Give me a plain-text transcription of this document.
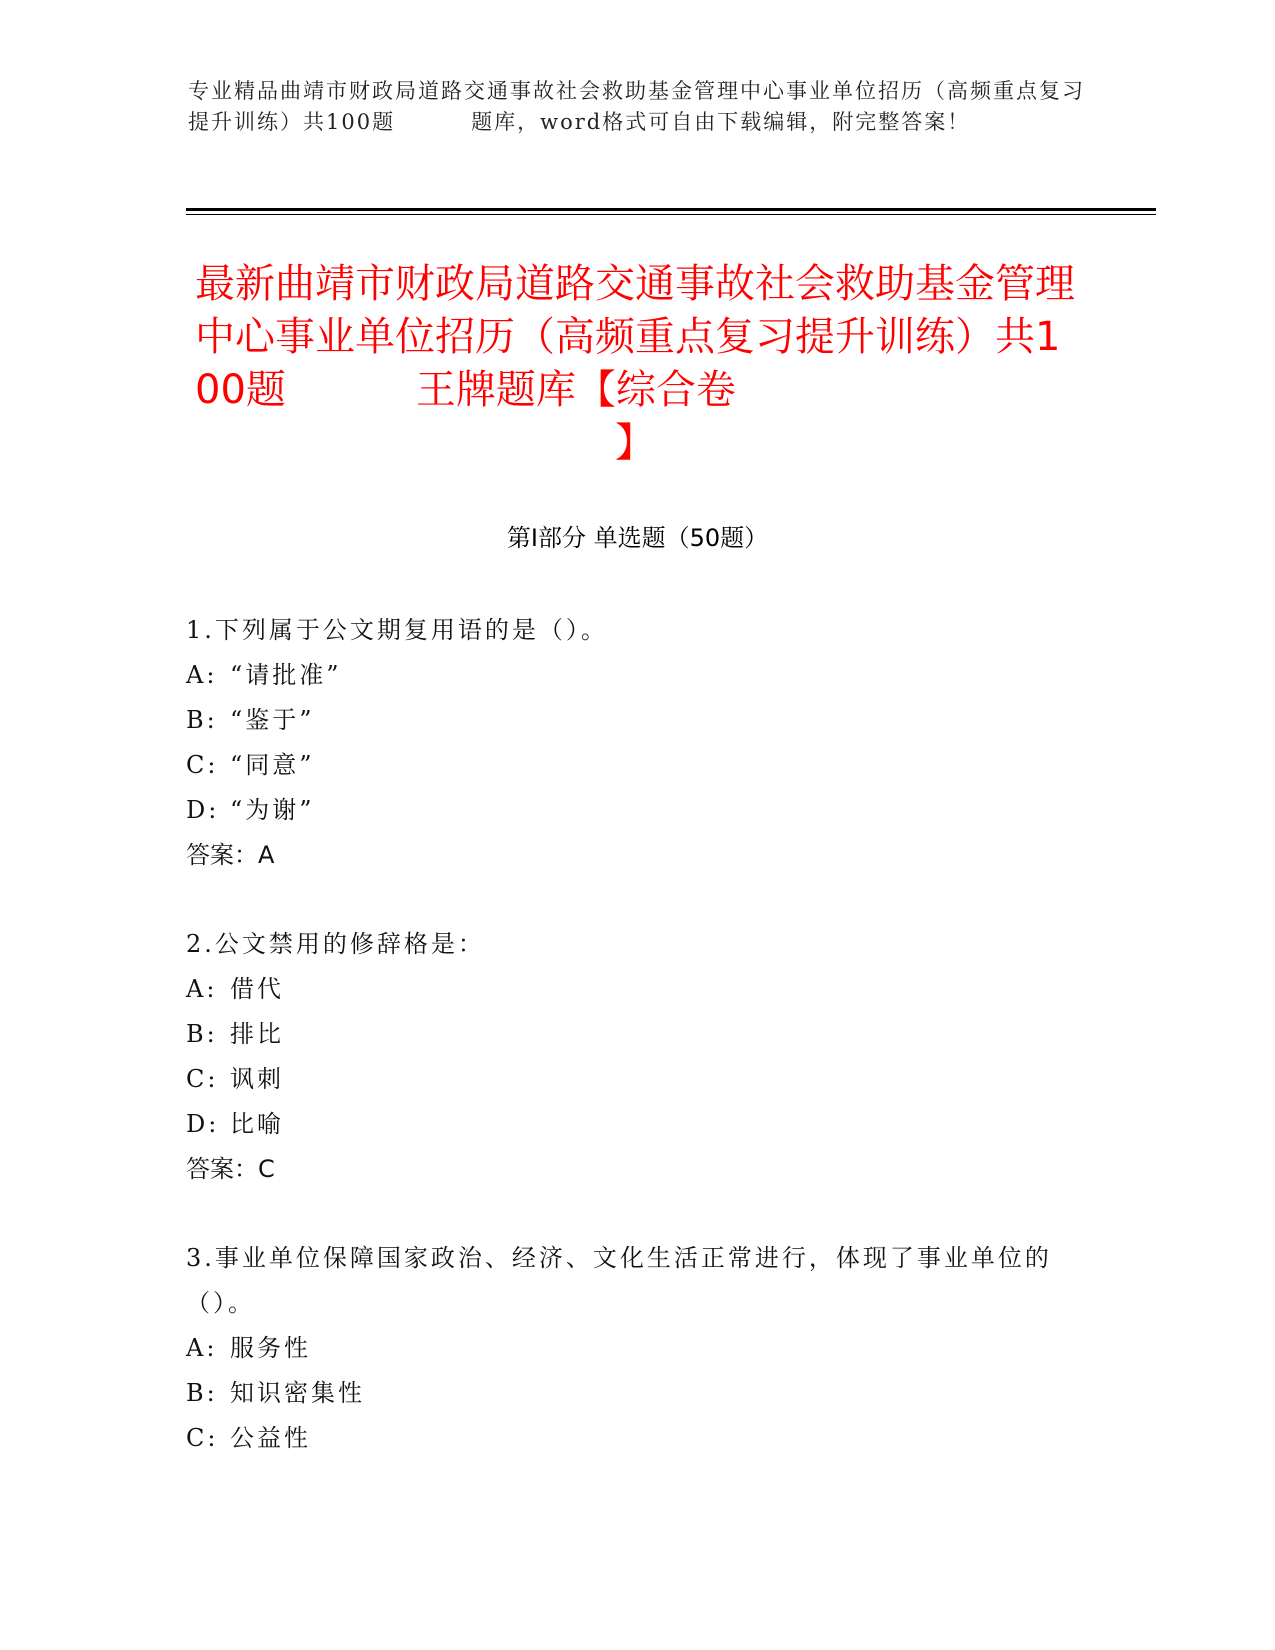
专业精品曲靖市财政局道路交通事故社会救助基金管理中心事业单位招历（高频重点复习提升训练）共100题	题库，word格式可自由下载编辑，附完整答案！
最新曲靖市财政局道路交通事故社会救助基金管理中心事业单位招历（高频重点复习提升训练）共100题	王牌题库【综合卷
】
第Ⅰ部分 单选题（50题）
1.下列属于公文期复用语的是（）。
A: “请批准”
B: “鉴于”
C: “同意”
D: “为谢”
答案：A
2.公文禁用的修辞格是：
A: 借代
B: 排比
C: 讽刺
D: 比喻
答案：C
3.事业单位保障国家政治、经济、文化生活正常进行，体现了事业单位的（）。
A: 服务性
B: 知识密集性
C: 公益性
